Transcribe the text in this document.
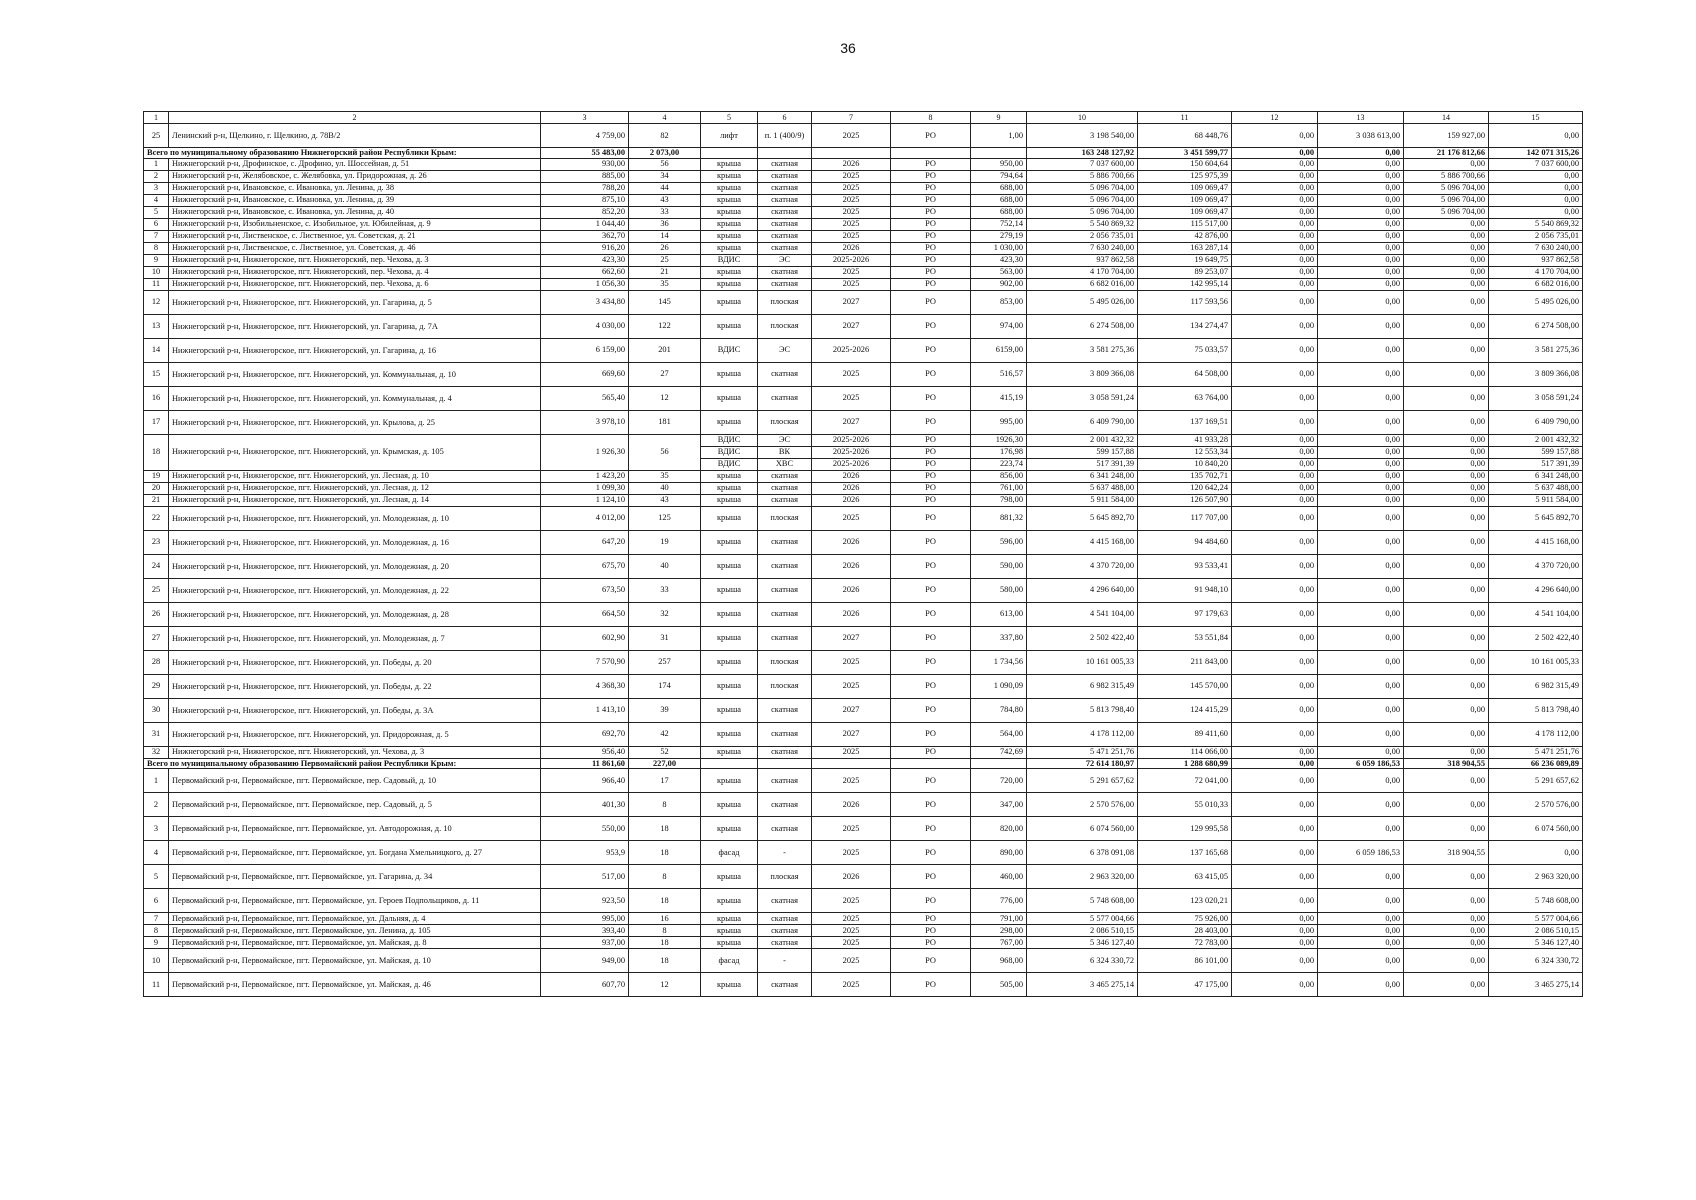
36
1	2	3	4	5	6	7	8	9	10	11	12	13	14	15
25	Ленинский р-н, Щелкино, г. Щелкино, д. 78В/2	4 759,00	82	лифт	п. 1 (400/9)	2025	РО	1,00	3 198 540,00	68 448,76	0,00	3 038 613,00	159 927,00	0,00
Всего по муниципальному образованию Нижнегорский район Республики Крым:		55 483,00	2 073,00						163 248 127,92	3 451 599,77	0,00	0,00	21 176 812,66	142 071 315,26
1	Нижнегорский р-н, Дрофинское, с. Дрофино, ул. Шоссейная, д. 51	930,00	56	крыша	скатная	2026	РО	950,00	7 037 600,00	150 604,64	0,00	0,00	0,00	7 037 600,00
2	Нижнегорский р-н, Желябовское, с. Желябовка, ул. Придорожная, д. 26	885,00	34	крыша	скатная	2025	РО	794,64	5 886 700,66	125 975,39	0,00	0,00	5 886 700,66	0,00
3	Нижнегорский р-н, Ивановское, с. Ивановка, ул. Ленина, д. 38	788,20	44	крыша	скатная	2025	РО	688,00	5 096 704,00	109 069,47	0,00	0,00	5 096 704,00	0,00
4	Нижнегорский р-н, Ивановское, с. Ивановка, ул. Ленина, д. 39	875,10	43	крыша	скатная	2025	РО	688,00	5 096 704,00	109 069,47	0,00	0,00	5 096 704,00	0,00
5	Нижнегорский р-н, Ивановское, с. Ивановка, ул. Ленина, д. 40	852,20	33	крыша	скатная	2025	РО	688,00	5 096 704,00	109 069,47	0,00	0,00	5 096 704,00	0,00
6	Нижнегорский р-н, Изобильненское, с. Изобильное, ул. Юбилейная, д. 9	1 044,40	36	крыша	скатная	2025	РО	752,14	5 540 869,32	115 517,00	0,00	0,00	0,00	5 540 869,32
7	Нижнегорский р-н, Лиственское, с. Лиственное, ул. Советская, д. 21	362,70	14	крыша	скатная	2025	РО	279,19	2 056 735,01	42 876,00	0,00	0,00	0,00	2 056 735,01
8	Нижнегорский р-н, Лиственское, с. Лиственное, ул. Советская, д. 46	916,20	26	крыша	скатная	2026	РО	1 030,00	7 630 240,00	163 287,14	0,00	0,00	0,00	7 630 240,00
9	Нижнегорский р-н, Нижнегорское, пгт. Нижнегорский, пер. Чехова, д. 3	423,30	25	ВДИС	ЭС	2025-2026	РО	423,30	937 862,58	19 649,75	0,00	0,00	0,00	937 862,58
10	Нижнегорский р-н, Нижнегорское, пгт. Нижнегорский, пер. Чехова, д. 4	662,60	21	крыша	скатная	2025	РО	563,00	4 170 704,00	89 253,07	0,00	0,00	0,00	4 170 704,00
11	Нижнегорский р-н, Нижнегорское, пгт. Нижнегорский, пер. Чехова, д. 6	1 056,30	35	крыша	скатная	2025	РО	902,00	6 682 016,00	142 995,14	0,00	0,00	0,00	6 682 016,00
12	Нижнегорский р-н, Нижнегорское, пгт. Нижнегорский, ул. Гагарина, д. 5	3 434,80	145	крыша	плоская	2027	РО	853,00	5 495 026,00	117 593,56	0,00	0,00	0,00	5 495 026,00
13	Нижнегорский р-н, Нижнегорское, пгт. Нижнегорский, ул. Гагарина, д. 7А	4 030,00	122	крыша	плоская	2027	РО	974,00	6 274 508,00	134 274,47	0,00	0,00	0,00	6 274 508,00
14	Нижнегорский р-н, Нижнегорское, пгт. Нижнегорский, ул. Гагарина, д. 16	6 159,00	201	ВДИС	ЭС	2025-2026	РО	6159,00	3 581 275,36	75 033,57	0,00	0,00	0,00	3 581 275,36
15	Нижнегорский р-н, Нижнегорское, пгт. Нижнегорский, ул. Коммунальная, д. 10	669,60	27	крыша	скатная	2025	РО	516,57	3 809 366,08	64 508,00	0,00	0,00	0,00	3 809 366,08
16	Нижнегорский р-н, Нижнегорское, пгт. Нижнегорский, ул. Коммунальная, д. 4	565,40	12	крыша	скатная	2025	РО	415,19	3 058 591,24	63 764,00	0,00	0,00	0,00	3 058 591,24
17	Нижнегорский р-н, Нижнегорское, пгт. Нижнегорский, ул. Крылова, д. 25	3 978,10	181	крыша	плоская	2027	РО	995,00	6 409 790,00	137 169,51	0,00	0,00	0,00	6 409 790,00
18	Нижнегорский р-н, Нижнегорское, пгт. Нижнегорский, ул. Крымская, д. 105	1 926,30	56	ВДИС	ЭС	2025-2026	РО	1926,30	2 001 432,32	41 933,28	0,00	0,00	0,00	2 001 432,32
				ВДИС	ВК	2025-2026	РО	176,98	599 157,88	12 553,34	0,00	0,00	0,00	599 157,88
				ВДИС	ХВС	2025-2026	РО	223,74	517 391,39	10 840,20	0,00	0,00	0,00	517 391,39
19	Нижнегорский р-н, Нижнегорское, пгт. Нижнегорский, ул. Лесная, д. 10	1 423,20	35	крыша	скатная	2026	РО	856,00	6 341 248,00	135 702,71	0,00	0,00	0,00	6 341 248,00
20	Нижнегорский р-н, Нижнегорское, пгт. Нижнегорский, ул. Лесная, д. 12	1 099,30	40	крыша	скатная	2026	РО	761,00	5 637 488,00	120 642,24	0,00	0,00	0,00	5 637 488,00
21	Нижнегорский р-н, Нижнегорское, пгт. Нижнегорский, ул. Лесная, д. 14	1 124,10	43	крыша	скатная	2026	РО	798,00	5 911 584,00	126 507,90	0,00	0,00	0,00	5 911 584,00
22	Нижнегорский р-н, Нижнегорское, пгт. Нижнегорский, ул. Молодежная, д. 10	4 012,00	125	крыша	плоская	2025	РО	881,32	5 645 892,70	117 707,00	0,00	0,00	0,00	5 645 892,70
23	Нижнегорский р-н, Нижнегорское, пгт. Нижнегорский, ул. Молодежная, д. 16	647,20	19	крыша	скатная	2026	РО	596,00	4 415 168,00	94 484,60	0,00	0,00	0,00	4 415 168,00
24	Нижнегорский р-н, Нижнегорское, пгт. Нижнегорский, ул. Молодежная, д. 20	675,70	40	крыша	скатная	2026	РО	590,00	4 370 720,00	93 533,41	0,00	0,00	0,00	4 370 720,00
25	Нижнегорский р-н, Нижнегорское, пгт. Нижнегорский, ул. Молодежная, д. 22	673,50	33	крыша	скатная	2026	РО	580,00	4 296 640,00	91 948,10	0,00	0,00	0,00	4 296 640,00
26	Нижнегорский р-н, Нижнегорское, пгт. Нижнегорский, ул. Молодежная, д. 28	664,50	32	крыша	скатная	2026	РО	613,00	4 541 104,00	97 179,63	0,00	0,00	0,00	4 541 104,00
27	Нижнегорский р-н, Нижнегорское, пгт. Нижнегорский, ул. Молодежная, д. 7	602,90	31	крыша	скатная	2027	РО	337,80	2 502 422,40	53 551,84	0,00	0,00	0,00	2 502 422,40
28	Нижнегорский р-н, Нижнегорское, пгт. Нижнегорский, ул. Победы, д. 20	7 570,90	257	крыша	плоская	2025	РО	1 734,56	10 161 005,33	211 843,00	0,00	0,00	0,00	10 161 005,33
29	Нижнегорский р-н, Нижнегорское, пгт. Нижнегорский, ул. Победы, д. 22	4 368,30	174	крыша	плоская	2025	РО	1 090,09	6 982 315,49	145 570,00	0,00	0,00	0,00	6 982 315,49
30	Нижнегорский р-н, Нижнегорское, пгт. Нижнегорский, ул. Победы, д. 3А	1 413,10	39	крыша	скатная	2027	РО	784,80	5 813 798,40	124 415,29	0,00	0,00	0,00	5 813 798,40
31	Нижнегорский р-н, Нижнегорское, пгт. Нижнегорский, ул. Придорожная, д. 5	692,70	42	крыша	скатная	2027	РО	564,00	4 178 112,00	89 411,60	0,00	0,00	0,00	4 178 112,00
32	Нижнегорский р-н, Нижнегорское, пгт. Нижнегорский, ул. Чехова, д. 3	956,40	52	крыша	скатная	2025	РО	742,69	5 471 251,76	114 066,00	0,00	0,00	0,00	5 471 251,76
Всего по муниципальному образованию Первомайский район Республики Крым:		11 861,60	227,00						72 614 180,97	1 288 680,99	0,00	6 059 186,53	318 904,55	66 236 089,89
1	Первомайский р-н, Первомайское, пгт. Первомайское, пер. Садовый, д. 10	966,40	17	крыша	скатная	2025	РО	720,00	5 291 657,62	72 041,00	0,00	0,00	0,00	5 291 657,62
2	Первомайский р-н, Первомайское, пгт. Первомайское, пер. Садовый, д. 5	401,30	8	крыша	скатная	2026	РО	347,00	2 570 576,00	55 010,33	0,00	0,00	0,00	2 570 576,00
3	Первомайский р-н, Первомайское, пгт. Первомайское, ул. Автодорожная, д. 10	550,00	18	крыша	скатная	2025	РО	820,00	6 074 560,00	129 995,58	0,00	0,00	0,00	6 074 560,00
4	Первомайский р-н, Первомайское, пгт. Первомайское, ул. Богдана Хмельницкого, д. 27	953,9	18	фасад	-	2025	РО	890,00	6 378 091,08	137 165,68	0,00	6 059 186,53	318 904,55	0,00
5	Первомайский р-н, Первомайское, пгт. Первомайское, ул. Гагарина, д. 34	517,00	8	крыша	плоская	2026	РО	460,00	2 963 320,00	63 415,05	0,00	0,00	0,00	2 963 320,00
6	Первомайский р-н, Первомайское, пгт. Первомайское, ул. Героев Подпольщиков, д. 11	923,50	18	крыша	скатная	2025	РО	776,00	5 748 608,00	123 020,21	0,00	0,00	0,00	5 748 608,00
7	Первомайский р-н, Первомайское, пгт. Первомайское, ул. Дальняя, д. 4	995,00	16	крыша	скатная	2025	РО	791,00	5 577 004,66	75 926,00	0,00	0,00	0,00	5 577 004,66
8	Первомайский р-н, Первомайское, пгт. Первомайское, ул. Ленина, д. 105	393,40	8	крыша	скатная	2025	РО	298,00	2 086 510,15	28 403,00	0,00	0,00	0,00	2 086 510,15
9	Первомайский р-н, Первомайское, пгт. Первомайское, ул. Майская, д. 8	937,00	18	крыша	скатная	2025	РО	767,00	5 346 127,40	72 783,00	0,00	0,00	0,00	5 346 127,40
10	Первомайский р-н, Первомайское, пгт. Первомайское, ул. Майская, д. 10	949,00	18	фасад	-	2025	РО	968,00	6 324 330,72	86 101,00	0,00	0,00	0,00	6 324 330,72
11	Первомайский р-н, Первомайское, пгт. Первомайское, ул. Майская, д. 46	607,70	12	крыша	скатная	2025	РО	505,00	3 465 275,14	47 175,00	0,00	0,00	0,00	3 465 275,14
